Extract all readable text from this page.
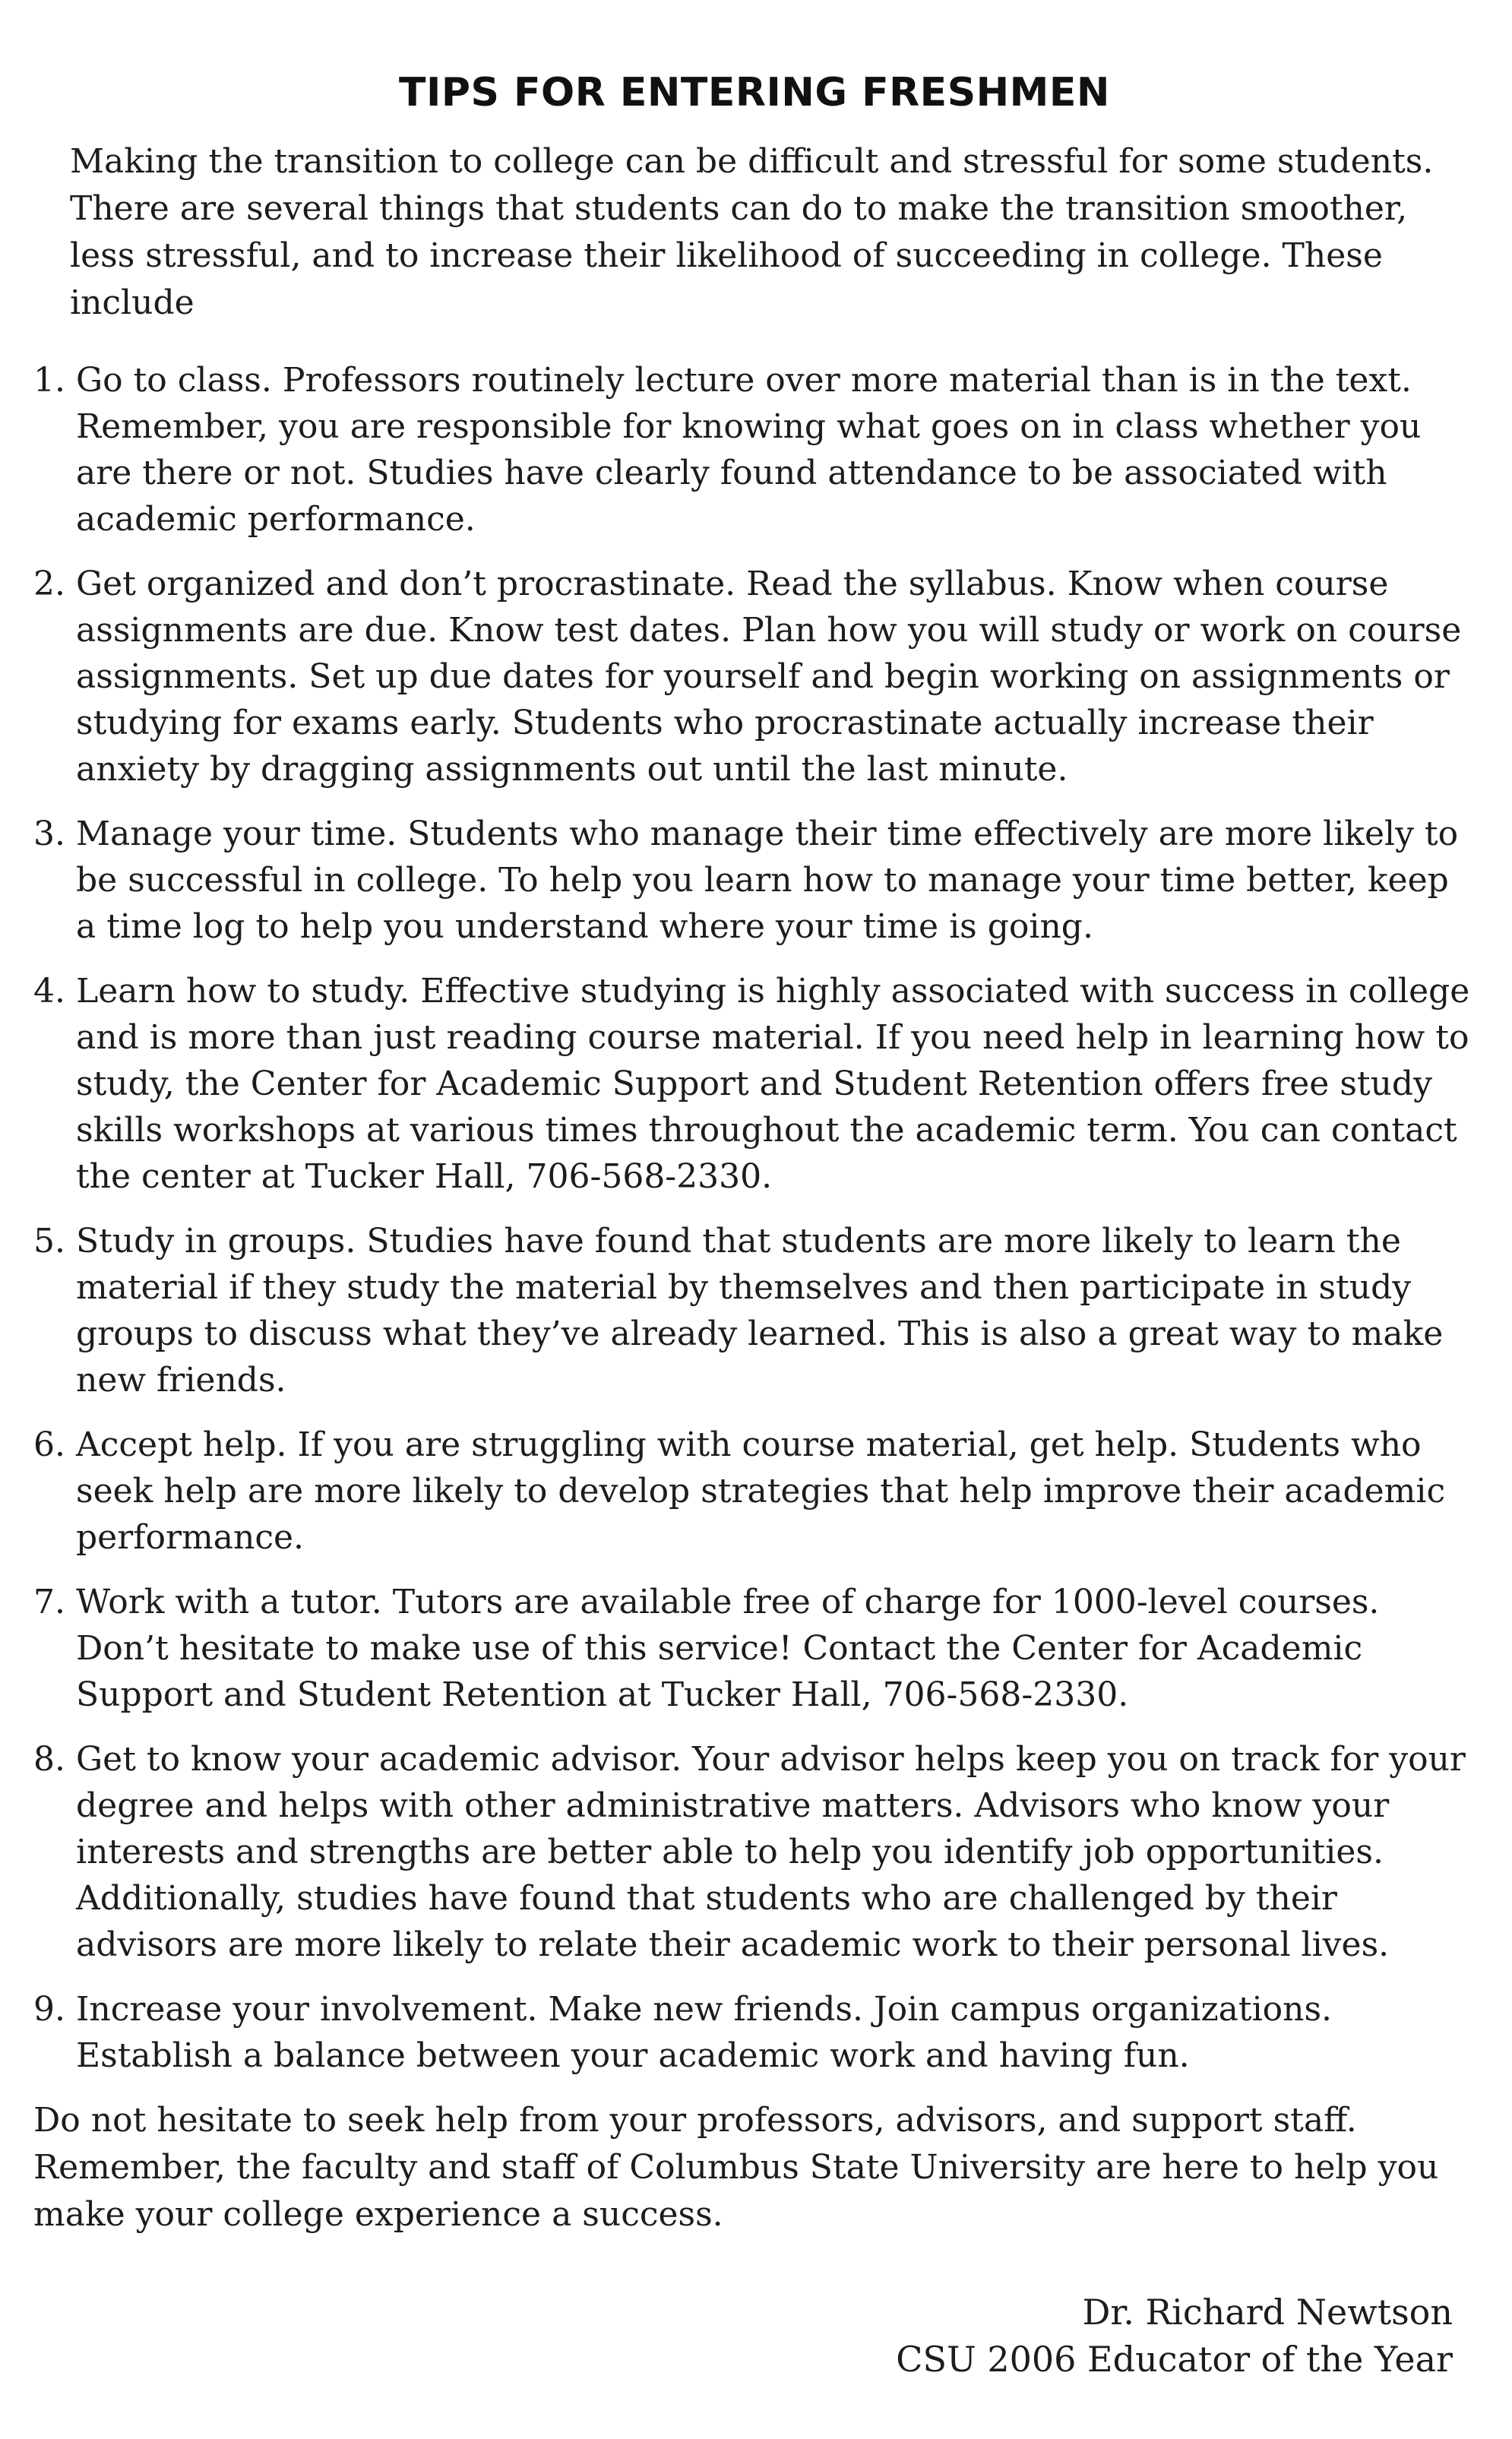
TIPS FOR ENTERING FRESHMEN

Making the transition to college can be difficult and stressful for some students. There are several things that students can do to make the transition smoother, less stressful, and to increase their likelihood of succeeding in college. These include

1. Go to class. Professors routinely lecture over more material than is in the text. Remember, you are responsible for knowing what goes on in class whether you are there or not. Studies have clearly found attendance to be associated with academic performance.
2. Get organized and don’t procrastinate. Read the syllabus. Know when course assignments are due. Know test dates. Plan how you will study or work on course assignments. Set up due dates for yourself and begin working on assignments or studying for exams early. Students who procrastinate actually increase their anxiety by dragging assignments out until the last minute.
3. Manage your time. Students who manage their time effectively are more likely to be successful in college. To help you learn how to manage your time better, keep a time log to help you understand where your time is going.
4. Learn how to study. Effective studying is highly associated with success in college and is more than just reading course material. If you need help in learning how to study, the Center for Academic Support and Student Retention offers free study skills workshops at various times throughout the academic term. You can contact the center at Tucker Hall, 706-568-2330.
5. Study in groups. Studies have found that students are more likely to learn the material if they study the material by themselves and then participate in study groups to discuss what they’ve already learned. This is also a great way to make new friends.
6. Accept help. If you are struggling with course material, get help. Students who seek help are more likely to develop strategies that help improve their academic performance.
7. Work with a tutor. Tutors are available free of charge for 1000-level courses. Don’t hesitate to make use of this service! Contact the Center for Academic Support and Student Retention at Tucker Hall, 706-568-2330.
8. Get to know your academic advisor. Your advisor helps keep you on track for your degree and helps with other administrative matters. Advisors who know your interests and strengths are better able to help you identify job opportunities. Additionally, studies have found that students who are challenged by their advisors are more likely to relate their academic work to their personal lives.
9. Increase your involvement. Make new friends. Join campus organizations. Establish a balance between your academic work and having fun.

Do not hesitate to seek help from your professors, advisors, and support staff. Remember, the faculty and staff of Columbus State University are here to help you make your college experience a success.

Dr. Richard Newtson
CSU 2006 Educator of the Year
